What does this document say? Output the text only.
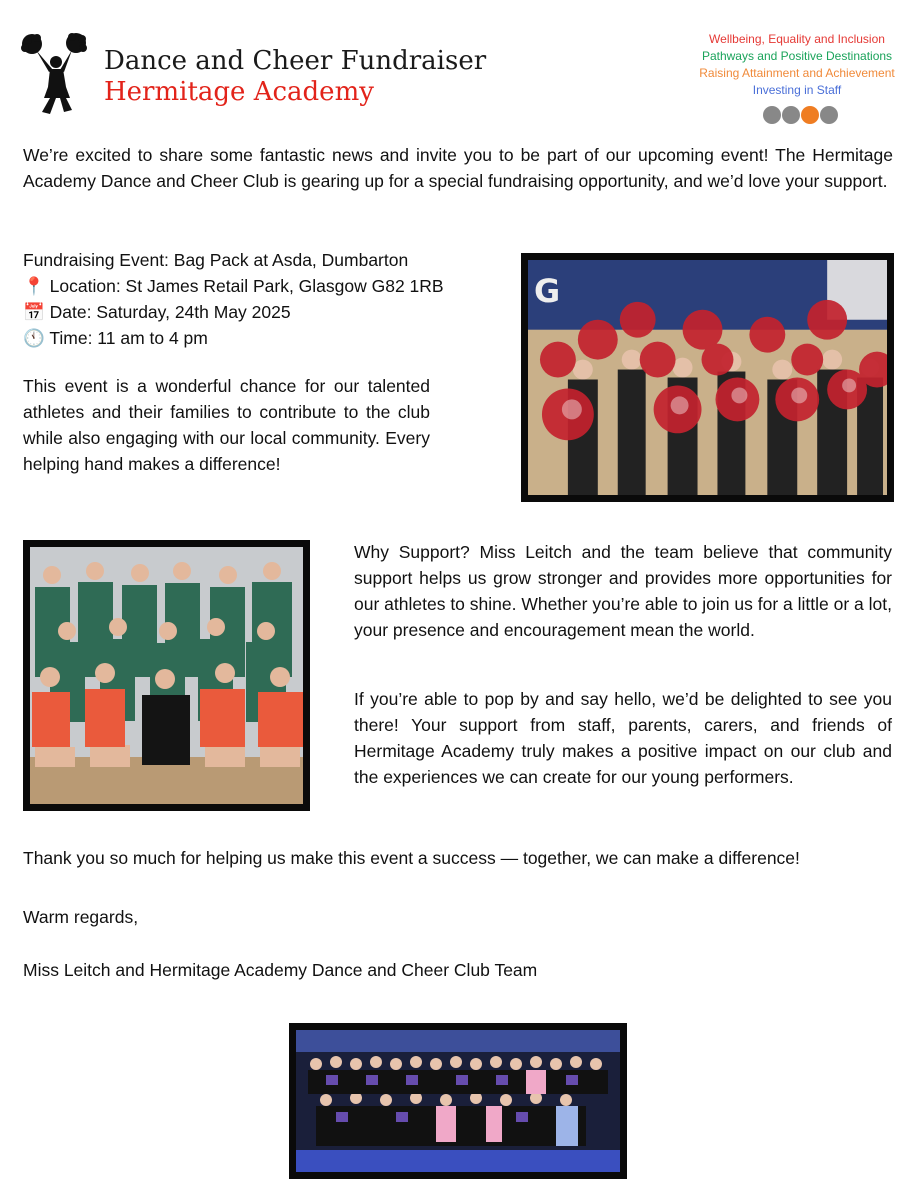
Dance and Cheer Fundraiser
Hermitage Academy
Wellbeing, Equality and Inclusion
Pathways and Positive Destinations
Raising Attainment and Achievement
Investing in Staff
We’re excited to share some fantastic news and invite you to be part of our upcoming event! The Hermitage Academy Dance and Cheer Club is gearing up for a special fundraising opportunity, and we’d love your support.
Fundraising Event: Bag Pack at Asda, Dumbarton
📍 Location: St James Retail Park, Glasgow G82 1RB
📅 Date: Saturday, 24th May 2025
🕚 Time: 11 am to 4 pm
This event is a wonderful chance for our talented athletes and their families to contribute to the club while also engaging with our local community. Every helping hand makes a difference!
G
Why Support? Miss Leitch and the team believe that community support helps us grow stronger and provides more opportunities for our athletes to shine. Whether you’re able to join us for a little or a lot, your presence and encouragement mean the world.
If you’re able to pop by and say hello, we’d be delighted to see you there! Your support from staff, parents, carers, and friends of Hermitage Academy truly makes a positive impact on our club and the experiences we can create for our young performers.
Thank you so much for helping us make this event a success — together, we can make a difference!
Warm regards,
Miss Leitch and Hermitage Academy Dance and Cheer Club Team
